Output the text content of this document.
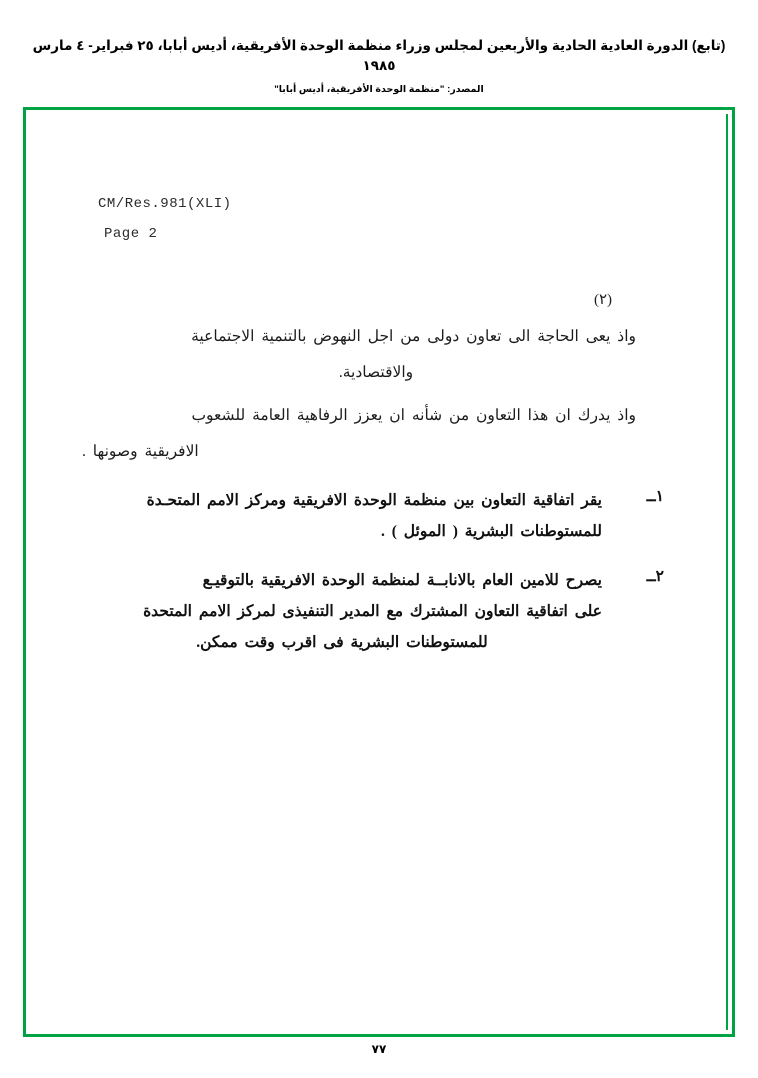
(تابع) الدورة العادية الحادية والأربعين لمجلس وزراء منظمة الوحدة الأفريقية، أديس أبابا، ٢٥ فبراير- ٤ مارس ١٩٨٥
المصدر: "منظمة الوحدة الأفريقية، أديس أبابا"
CM/Res.981(XLI)
Page 2
(٢)
واذ يعى الحاجة الى تعاون دولى من اجل النهوض بالتنمية الاجتماعية
والاقتصادية.
واذ يدرك ان هذا التعاون من شأنه ان يعزز الرفاهية العامة للشعوب
الافريقية وصونها .
١ــ
يقر اتفاقية التعاون بين منظمة الوحدة الافريقية ومركز الامم المتحـدة
للمستوطنات البشرية ( الموئل ) .
٢ــ
يصرح للامين العام بالانابــة لمنظمة الوحدة الافريقية بالتوقيـع
على اتفاقية التعاون المشترك مع المدير التنفيذى لمركز الامم المتحدة
للمستوطنات البشرية فى اقرب وقت ممكن.
٧٧
